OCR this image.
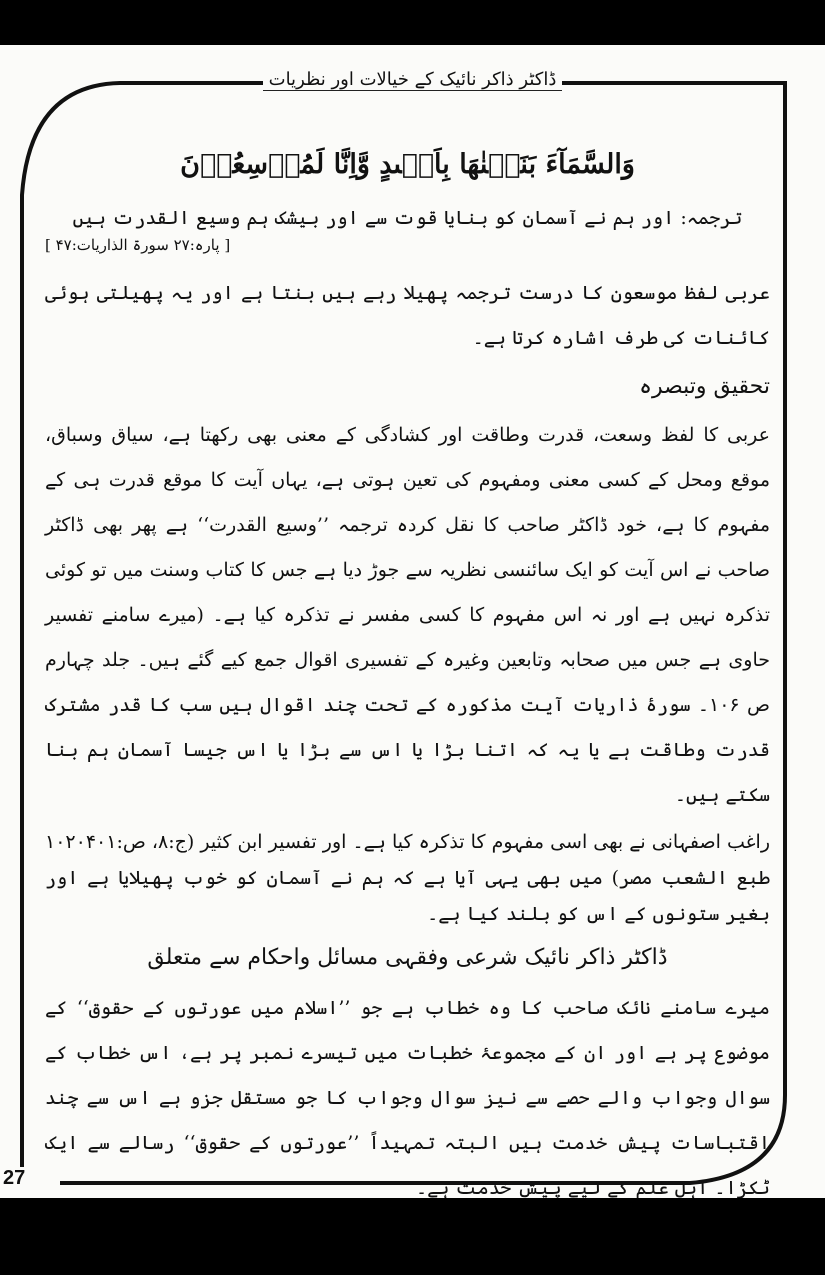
ڈاکٹر ذاکر نائیک کے خیالات اور نظریات

وَالسَّمَآءَ بَنَيۡنٰهَا بِاَيۡىدٍ وَّاِنَّا لَمُوۡسِعُوۡنَ

ترجمہ: اور ہم نے آسمان کو بنایا قوت سے اور بیشک ہم وسیع القدرت ہیں

[ پارہ:۲۷ سورۃ الذاریات:۴۷ ]

عربی لفظ موسعون کا درست ترجمہ پھیلا رہے ہیں بنتا ہے اور یہ پھیلتی ہوئی کائنات کی طرف اشارہ کرتا ہے۔

تحقیق وتبصرہ

عربی کا لفظ وسعت، قدرت وطاقت اور کشادگی کے معنی بھی رکھتا ہے، سیاق وسباق، موقع ومحل کے کسی معنی ومفہوم کی تعین ہوتی ہے، یہاں آیت کا موقع قدرت ہی کے مفہوم کا ہے، خود ڈاکٹر صاحب کا نقل کردہ ترجمہ ’’وسیع القدرت‘‘ ہے پھر بھی ڈاکٹر صاحب نے اس آیت کو ایک سائنسی نظریہ سے جوڑ دیا ہے جس کا کتاب وسنت میں تو کوئی تذکرہ نہیں ہے اور نہ اس مفہوم کا کسی مفسر نے تذکرہ کیا ہے۔ (میرے سامنے تفسیر حاوی ہے جس میں صحابہ وتابعین وغیرہ کے تفسیری اقوال جمع کیے گئے ہیں۔ جلد چہارم ص ۱۰۶۔ سورۂ ذاریات آیت مذکورہ کے تحت چند اقوال ہیں سب کا قدر مشترک قدرت وطاقت ہے یا یہ کہ اتنا بڑا یا اس سے بڑا یا اس جیسا آسمان ہم بنا سکتے ہیں۔

راغب اصفہانی نے بھی اسی مفہوم کا تذکرہ کیا ہے۔ اور تفسیر ابن کثیر (ج:۸، ص:۱۰۲۰۴۰۱ طبع الشعب مصر) میں بھی یہی آیا ہے کہ ہم نے آسمان کو خوب پھیلایا ہے اور بغیر ستونوں کے اس کو بلند کیا ہے۔

ڈاکٹر ذاکر نائیک شرعی وفقہی مسائل واحکام سے متعلق

میرے سامنے نائک صاحب کا وہ خطاب ہے جو ’’اسلام میں عورتوں کے حقوق‘‘ کے موضوع پر ہے اور ان کے مجموعۂ خطبات میں تیسرے نمبر پر ہے، اس خطاب کے سوال وجواب والے حصے سے نیز سوال وجواب کا جو مستقل جزو ہے اس سے چند اقتباسات پیش خدمت ہیں البتہ تمہیداً ’’عورتوں کے حقوق‘‘ رسالے سے ایک ٹکڑا۔ اہل علم کے لیے پیش خدمت ہے۔

27
